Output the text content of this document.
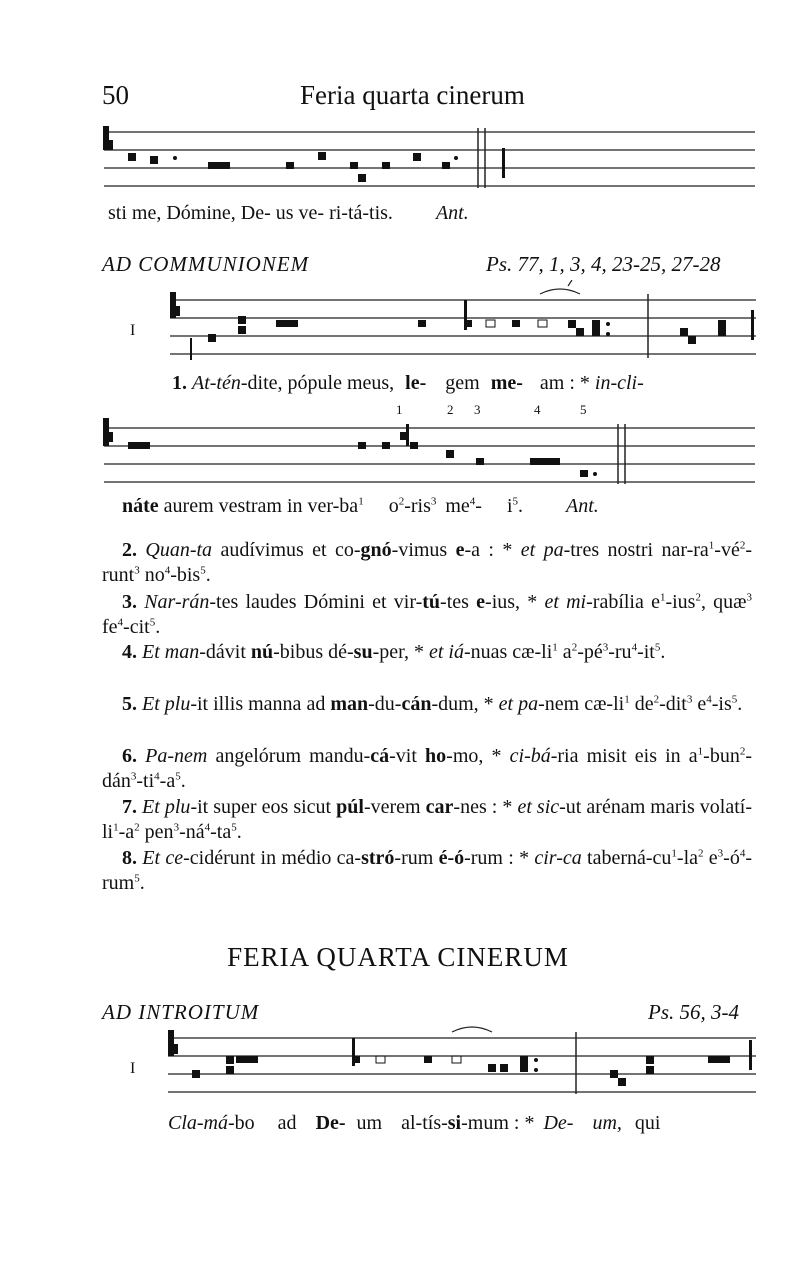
50	Feria quarta cinerum
sti me, Dómine, De- us ve- ri-tá-tis. Ant.
AD COMMUNIONEM	Ps. 77, 1, 3, 4, 23-25, 27-28
I
1. At-tén-dite, pópule meus, le- gem me- am : * in-cli-
1	2 3	4	5
náte aurem vestram in ver-$ba^1$ $o^2-ris^3$ $me^4-$ $i^5$. Ant.
2. Quan-ta audívimus et co-gnó-vimus e-a : * et pa-tres nostri nar-$ra^1-vé^2-runt^3$ $no^4-bis^5$.
3. Nar-rán-tes laudes Dómini et vir-tú-tes e-ius, * et mi-rabília $e^1-ius^2$, quæ$^3$ $fe^4-cit^5$.
4. Et man-dávit nú-bibus dé-su-per, * et iá-nuas $cæ-li^1$ $a^2-pé^3-ru^4-it^5$.
5. Et plu-it illis manna ad man-du-cán-dum, * et pa-nem $cæ-li^1$ $de^2-dit^3$ $e^4-is^5$.
6. Pa-nem angelórum mandu-cá-vit ho-mo, * ci-bá-ria misit eis in $a^1-bun^2-dán^3-ti^4-a^5$.
7. Et plu-it super eos sicut púl-verem car-nes : * et sic-ut arénam maris volatí-$li^1-a^2$ $pen^3-ná^4-ta^5$.
8. Et ce-cidérunt in médio ca-stró-rum é-ó-rum : * cir-ca taberná-$cu^1-la^2$ $e^3-ó^4-rum^5$.
FERIA QUARTA CINERUM
AD INTROITUM	Ps. 56, 3-4
I
Cla-má-bo ad De- um al-tís-si-mum : * De- um, qui
